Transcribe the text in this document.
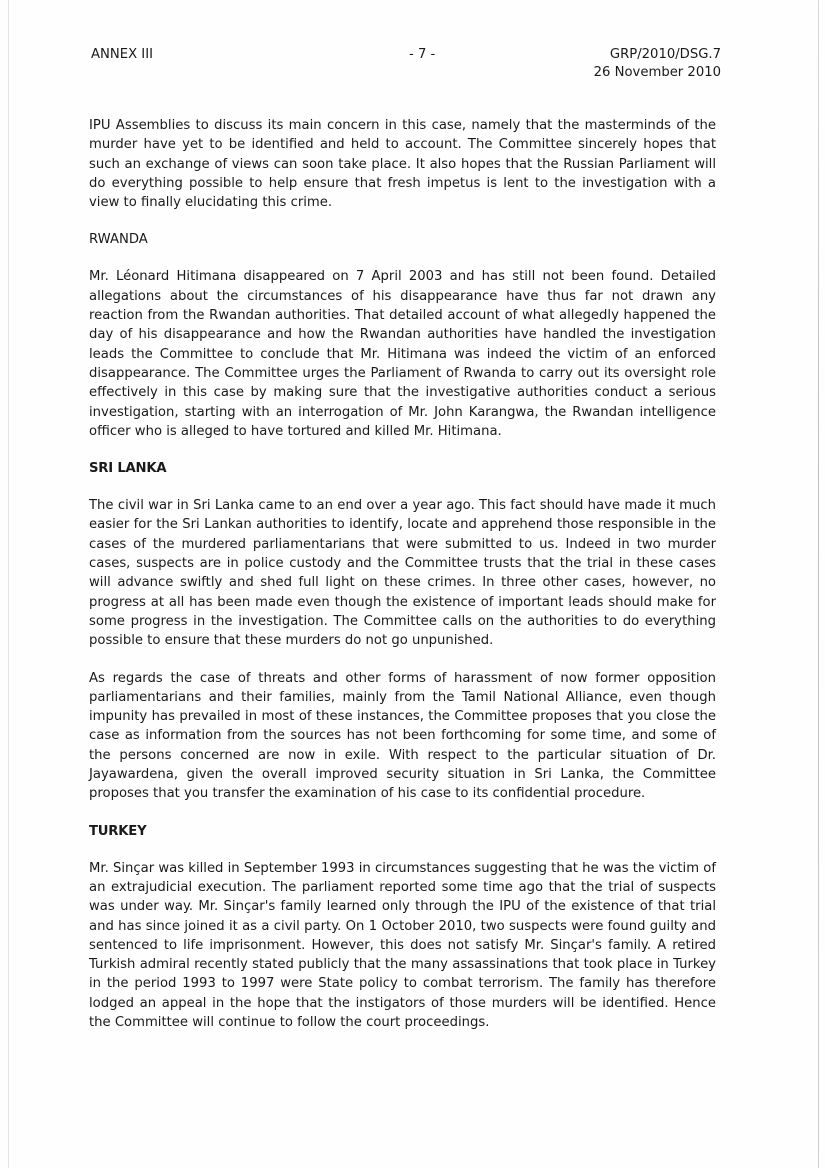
ANNEX III	- 7 -	GRP/2010/DSG.7
26 November 2010

IPU Assemblies to discuss its main concern in this case, namely that the masterminds of the murder have yet to be identified and held to account. The Committee sincerely hopes that such an exchange of views can soon take place. It also hopes that the Russian Parliament will do everything possible to help ensure that fresh impetus is lent to the investigation with a view to finally elucidating this crime.

RWANDA

Mr. Léonard Hitimana disappeared on 7 April 2003 and has still not been found. Detailed allegations about the circumstances of his disappearance have thus far not drawn any reaction from the Rwandan authorities. That detailed account of what allegedly happened the day of his disappearance and how the Rwandan authorities have handled the investigation leads the Committee to conclude that Mr. Hitimana was indeed the victim of an enforced disappearance. The Committee urges the Parliament of Rwanda to carry out its oversight role effectively in this case by making sure that the investigative authorities conduct a serious investigation, starting with an interrogation of Mr. John Karangwa, the Rwandan intelligence officer who is alleged to have tortured and killed Mr. Hitimana.

SRI LANKA

The civil war in Sri Lanka came to an end over a year ago. This fact should have made it much easier for the Sri Lankan authorities to identify, locate and apprehend those responsible in the cases of the murdered parliamentarians that were submitted to us. Indeed in two murder cases, suspects are in police custody and the Committee trusts that the trial in these cases will advance swiftly and shed full light on these crimes. In three other cases, however, no progress at all has been made even though the existence of important leads should make for some progress in the investigation. The Committee calls on the authorities to do everything possible to ensure that these murders do not go unpunished.

As regards the case of threats and other forms of harassment of now former opposition parliamentarians and their families, mainly from the Tamil National Alliance, even though impunity has prevailed in most of these instances, the Committee proposes that you close the case as information from the sources has not been forthcoming for some time, and some of the persons concerned are now in exile. With respect to the particular situation of Dr. Jayawardena, given the overall improved security situation in Sri Lanka, the Committee proposes that you transfer the examination of his case to its confidential procedure.

TURKEY

Mr. Sinçar was killed in September 1993 in circumstances suggesting that he was the victim of an extrajudicial execution. The parliament reported some time ago that the trial of suspects was under way. Mr. Sinçar's family learned only through the IPU of the existence of that trial and has since joined it as a civil party. On 1 October 2010, two suspects were found guilty and sentenced to life imprisonment. However, this does not satisfy Mr. Sinçar's family. A retired Turkish admiral recently stated publicly that the many assassinations that took place in Turkey in the period 1993 to 1997 were State policy to combat terrorism. The family has therefore lodged an appeal in the hope that the instigators of those murders will be identified. Hence the Committee will continue to follow the court proceedings.
